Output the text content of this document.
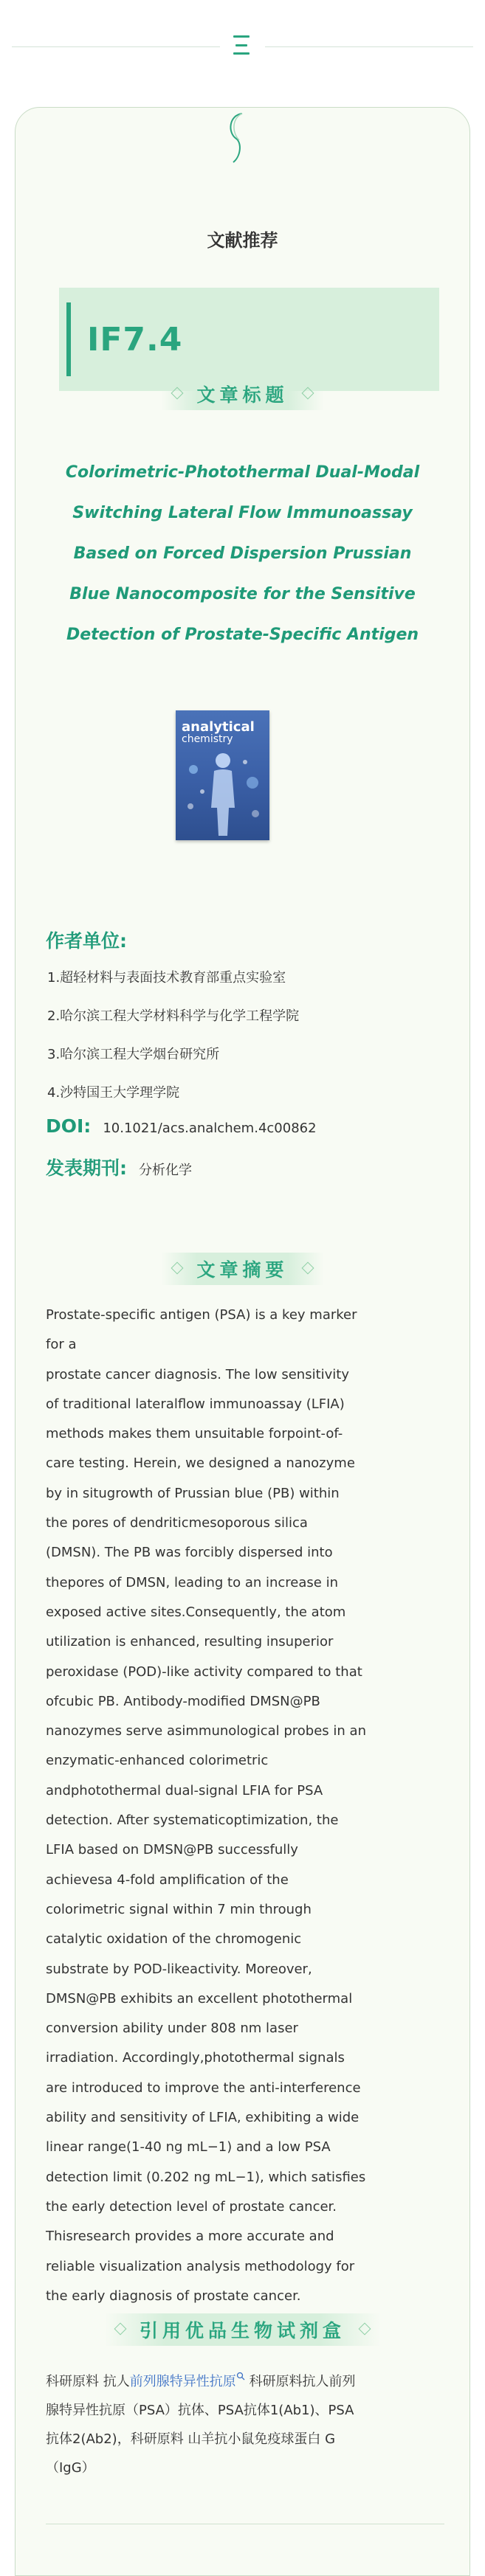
文献推荐
IF7.4
文章标题
Colorimetric-Photothermal Dual-Modal
Switching Lateral Flow Immunoassay
Based on Forced Dispersion Prussian
Blue Nanocomposite for the Sensitive
Detection of Prostate-Specific Antigen
analytical
chemistry
作者单位:
1.超轻材料与表面技术教育部重点实验室
2.哈尔滨工程大学材料科学与化学工程学院
3.哈尔滨工程大学烟台研究所
4.沙特国王大学理学院
DOI: 10.1021/acs.analchem.4c00862
发表期刊: 分析化学
文章摘要
Prostate-specific antigen (PSA) is a key marker
for a
prostate cancer diagnosis. The low sensitivity
of traditional lateralflow immunoassay (LFIA)
methods makes them unsuitable forpoint-of-
care testing. Herein, we designed a nanozyme
by in situgrowth of Prussian blue (PB) within
the pores of dendriticmesoporous silica
(DMSN). The PB was forcibly dispersed into
thepores of DMSN, leading to an increase in
exposed active sites.Consequently, the atom
utilization is enhanced, resulting insuperior
peroxidase (POD)-like activity compared to that
ofcubic PB. Antibody-modified DMSN@PB
nanozymes serve asimmunological probes in an
enzymatic-enhanced colorimetric
andphotothermal dual-signal LFIA for PSA
detection. After systematicoptimization, the
LFIA based on DMSN@PB successfully
achievesa 4-fold amplification of the
colorimetric signal within 7 min through
catalytic oxidation of the chromogenic
substrate by POD-likeactivity. Moreover,
DMSN@PB exhibits an excellent photothermal
conversion ability under 808 nm laser
irradiation. Accordingly,photothermal signals
are introduced to improve the anti-interference
ability and sensitivity of LFIA, exhibiting a wide
linear range(1-40 ng mL−1) and a low PSA
detection limit (0.202 ng mL−1), which satisfies
the early detection level of prostate cancer.
Thisresearch provides a more accurate and
reliable visualization analysis methodology for
the early diagnosis of prostate cancer.
引用优品生物试剂盒
科研原料 抗人前列腺特异性抗原 科研原料抗人前列
腺特异性抗原（PSA）抗体、PSA抗体1(Ab1)、PSA
抗体2(Ab2)，科研原料 山羊抗小鼠免疫球蛋白 G
（IgG）
